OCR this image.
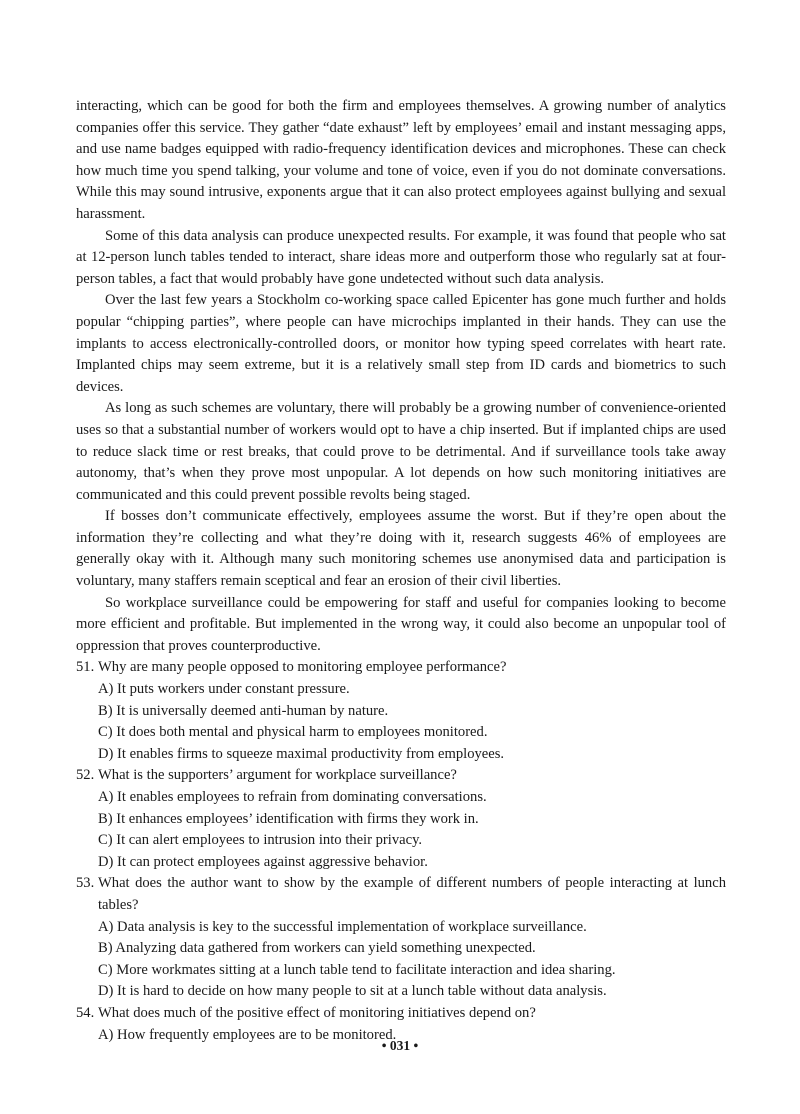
interacting, which can be good for both the firm and employees themselves. A growing number of analytics companies offer this service. They gather “date exhaust” left by employees’ email and instant messaging apps, and use name badges equipped with radio-frequency identification devices and microphones. These can check how much time you spend talking, your volume and tone of voice, even if you do not dominate conversations. While this may sound intrusive, exponents argue that it can also protect employees against bullying and sexual harassment.

Some of this data analysis can produce unexpected results. For example, it was found that people who sat at 12-person lunch tables tended to interact, share ideas more and outperform those who regularly sat at four-person tables, a fact that would probably have gone undetected without such data analysis.

Over the last few years a Stockholm co-working space called Epicenter has gone much further and holds popular “chipping parties”, where people can have microchips implanted in their hands. They can use the implants to access electronically-controlled doors, or monitor how typing speed correlates with heart rate. Implanted chips may seem extreme, but it is a relatively small step from ID cards and biometrics to such devices.

As long as such schemes are voluntary, there will probably be a growing number of convenience-oriented uses so that a substantial number of workers would opt to have a chip inserted. But if implanted chips are used to reduce slack time or rest breaks, that could prove to be detrimental. And if surveillance tools take away autonomy, that’s when they prove most unpopular. A lot depends on how such monitoring initiatives are communicated and this could prevent possible revolts being staged.

If bosses don’t communicate effectively, employees assume the worst. But if they’re open about the information they’re collecting and what they’re doing with it, research suggests 46% of employees are generally okay with it. Although many such monitoring schemes use anonymised data and participation is voluntary, many staffers remain sceptical and fear an erosion of their civil liberties.

So workplace surveillance could be empowering for staff and useful for companies looking to become more efficient and profitable. But implemented in the wrong way, it could also become an unpopular tool of oppression that proves counterproductive.

51. Why are many people opposed to monitoring employee performance?
A) It puts workers under constant pressure.
B) It is universally deemed anti-human by nature.
C) It does both mental and physical harm to employees monitored.
D) It enables firms to squeeze maximal productivity from employees.
52. What is the supporters’ argument for workplace surveillance?
A) It enables employees to refrain from dominating conversations.
B) It enhances employees’ identification with firms they work in.
C) It can alert employees to intrusion into their privacy.
D) It can protect employees against aggressive behavior.
53. What does the author want to show by the example of different numbers of people interacting at lunch tables?
A) Data analysis is key to the successful implementation of workplace surveillance.
B) Analyzing data gathered from workers can yield something unexpected.
C) More workmates sitting at a lunch table tend to facilitate interaction and idea sharing.
D) It is hard to decide on how many people to sit at a lunch table without data analysis.
54. What does much of the positive effect of monitoring initiatives depend on?
A) How frequently employees are to be monitored.
• 031 •
